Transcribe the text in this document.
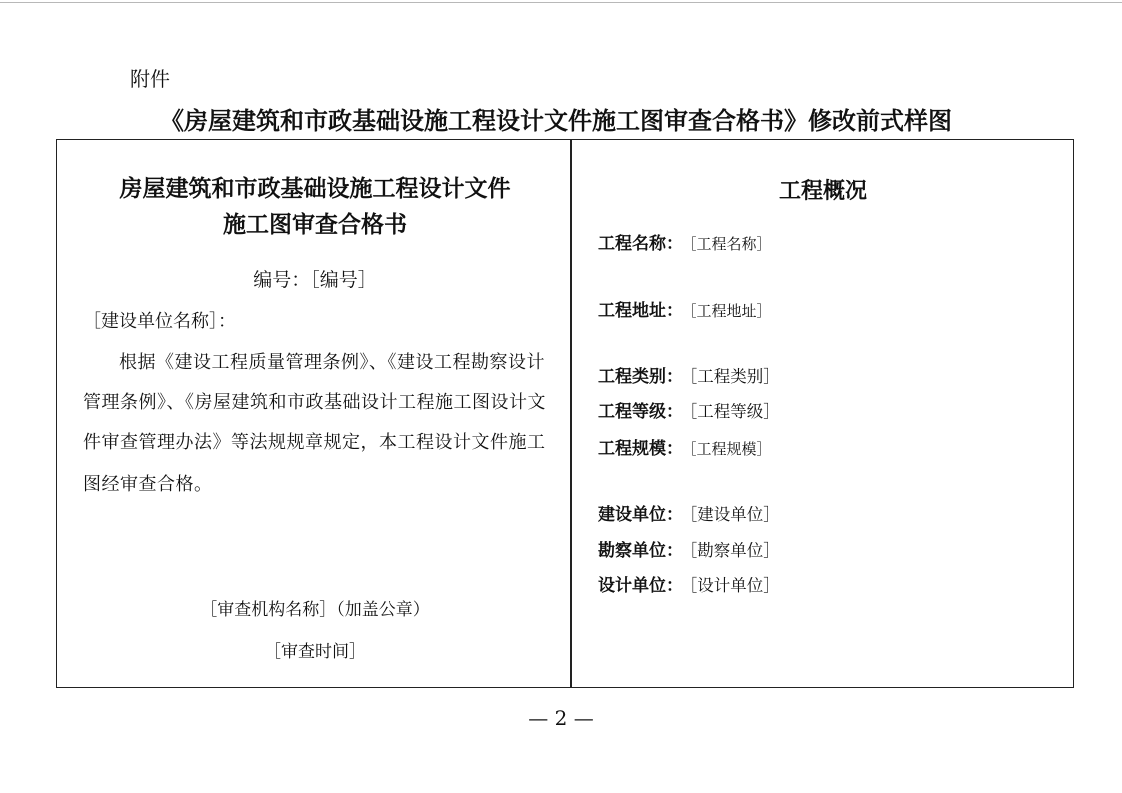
附件
《房屋建筑和市政基础设施工程设计文件施工图审查合格书》修改前式样图
房屋建筑和市政基础设施工程设计文件
施工图审查合格书
编号：［编号］
［建设单位名称］：
根据《建设工程质量管理条例》、《建设工程勘察设计
管理条例》、《房屋建筑和市政基础设计工程施工图设计文
件审查管理办法》等法规规章规定，本工程设计文件施工
图经审查合格。
［审查机构名称］（加盖公章）
［审查时间］
工程概况
工程名称： ［工程名称］
工程地址： ［工程地址］
工程类别： ［工程类别］
工程等级： ［工程等级］
工程规模： ［工程规模］
建设单位： ［建设单位］
勘察单位： ［勘察单位］
设计单位： ［设计单位］
— 2 —
